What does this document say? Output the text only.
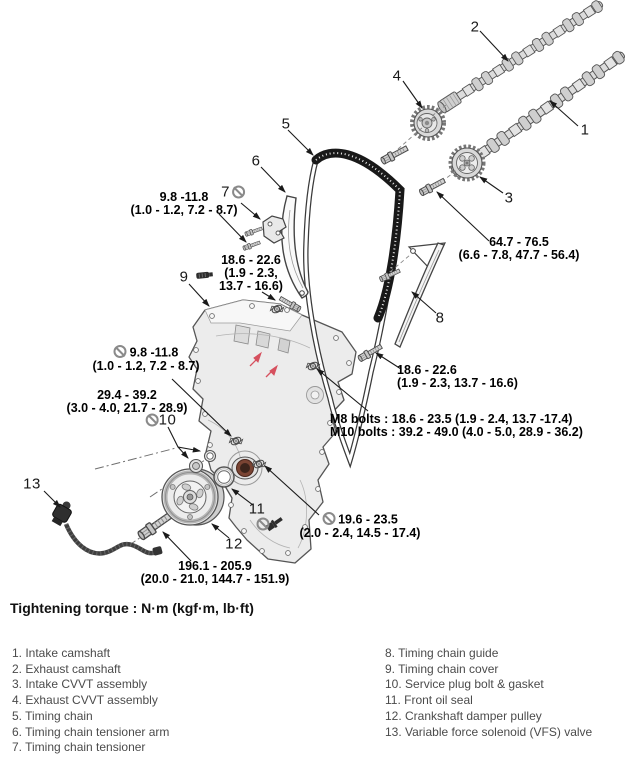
1
2
3
4
5
6
7
8
9
10
11
12
13
9.8 -11.8
(1.0 - 1.2, 7.2 - 8.7)
18.6 - 22.6
(1.9 - 2.3,
13.7 - 16.6)
64.7 - 76.5
(6.6 - 7.8, 47.7 - 56.4)
9.8 -11.8
(1.0 - 1.2, 7.2 - 8.7)
29.4 - 39.2
(3.0 - 4.0, 21.7 - 28.9)
18.6 - 22.6
(1.9 - 2.3, 13.7 - 16.6)
M8 bolts : 18.6 - 23.5 (1.9 - 2.4, 13.7 -17.4)
M10 bolts : 39.2 - 49.0 (4.0 - 5.0, 28.9 - 36.2)
19.6 - 23.5
(2.0 - 2.4, 14.5 - 17.4)
196.1 - 205.9
(20.0 - 21.0, 144.7 - 151.9)
Tightening torque : N·m (kgf·m, lb·ft)
1. Intake camshaft
2. Exhaust camshaft
3. Intake CVVT assembly
4. Exhaust CVVT assembly
5. Timing chain
6. Timing chain tensioner arm
7. Timing chain tensioner
8. Timing chain guide
9. Timing chain cover
10. Service plug bolt & gasket
11. Front oil seal
12. Crankshaft damper pulley
13. Variable force solenoid (VFS) valve
